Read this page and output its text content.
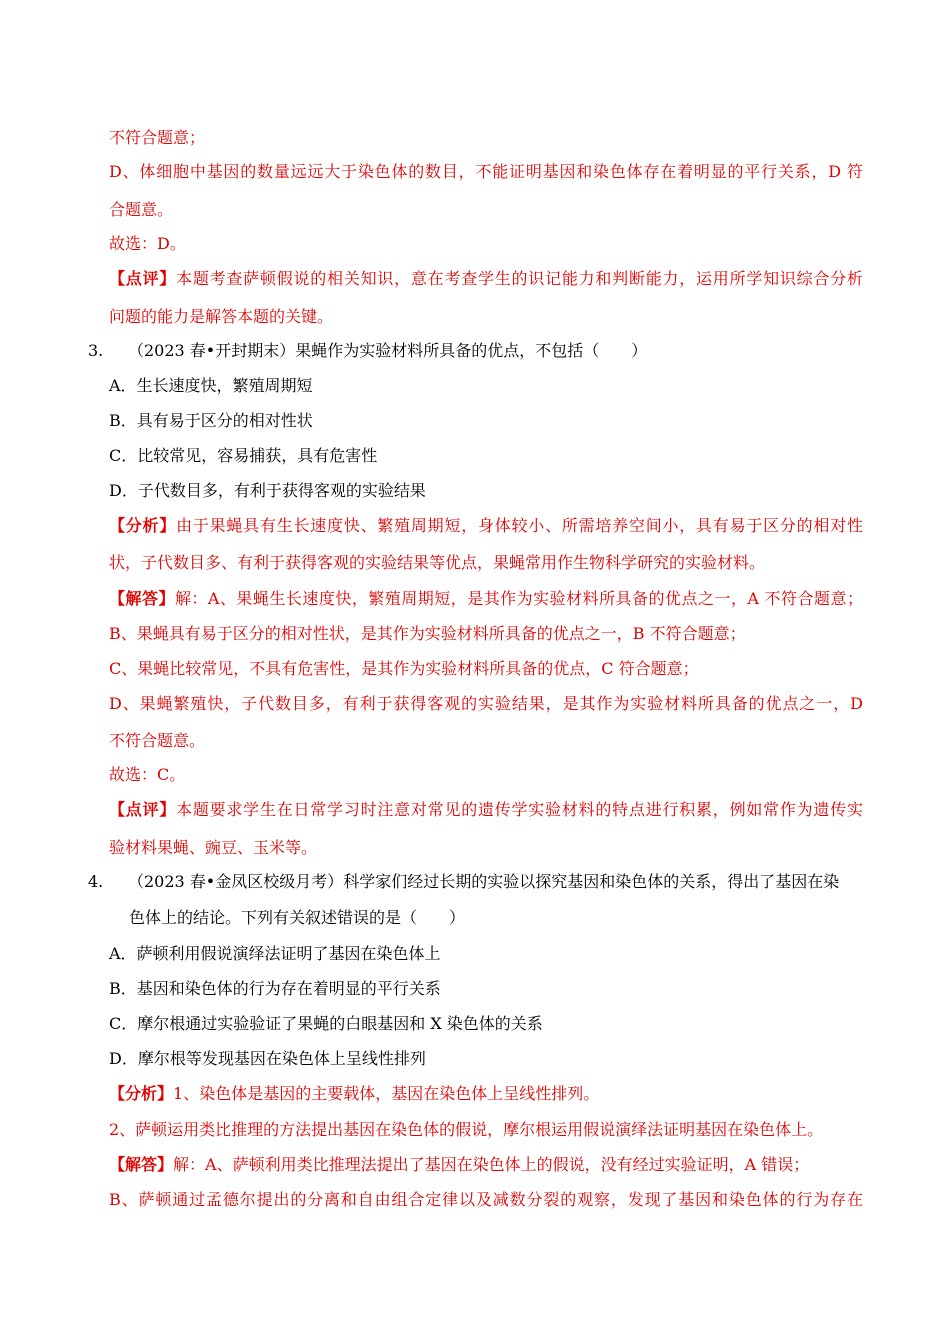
不符合题意；
D、体细胞中基因的数量远远大于染色体的数目，不能证明基因和染色体存在着明显的平行关系，D 符
合题意。
故选：D。
【点评】本题考查萨顿假说的相关知识，意在考查学生的识记能力和判断能力，运用所学知识综合分析
问题的能力是解答本题的关键。
3. （2023 春•开封期末）果蝇作为实验材料所具备的优点，不包括（　　）
A．生长速度快，繁殖周期短
B．具有易于区分的相对性状
C．比较常见，容易捕获，具有危害性
D．子代数目多，有利于获得客观的实验结果
【分析】由于果蝇具有生长速度快、繁殖周期短，身体较小、所需培养空间小，具有易于区分的相对性
状，子代数目多、有利于获得客观的实验结果等优点，果蝇常用作生物科学研究的实验材料。
【解答】解：A、果蝇生长速度快，繁殖周期短，是其作为实验材料所具备的优点之一，A 不符合题意；
B、果蝇具有易于区分的相对性状，是其作为实验材料所具备的优点之一，B 不符合题意；
C、果蝇比较常见，不具有危害性，是其作为实验材料所具备的优点，C 符合题意；
D、果蝇繁殖快，子代数目多，有利于获得客观的实验结果，是其作为实验材料所具备的优点之一，D
不符合题意。
故选：C。
【点评】本题要求学生在日常学习时注意对常见的遗传学实验材料的特点进行积累，例如常作为遗传实
验材料果蝇、豌豆、玉米等。
4. （2023 春•金凤区校级月考）科学家们经过长期的实验以探究基因和染色体的关系，得出了基因在染
色体上的结论。下列有关叙述错误的是（　　）
A．萨顿利用假说演绎法证明了基因在染色体上
B．基因和染色体的行为存在着明显的平行关系
C．摩尔根通过实验验证了果蝇的白眼基因和 X 染色体的关系
D．摩尔根等发现基因在染色体上呈线性排列
【分析】1、染色体是基因的主要载体，基因在染色体上呈线性排列。
2、萨顿运用类比推理的方法提出基因在染色体的假说，摩尔根运用假说演绎法证明基因在染色体上。
【解答】解：A、萨顿利用类比推理法提出了基因在染色体上的假说，没有经过实验证明，A 错误；
B、萨顿通过孟德尔提出的分离和自由组合定律以及减数分裂的观察，发现了基因和染色体的行为存在
